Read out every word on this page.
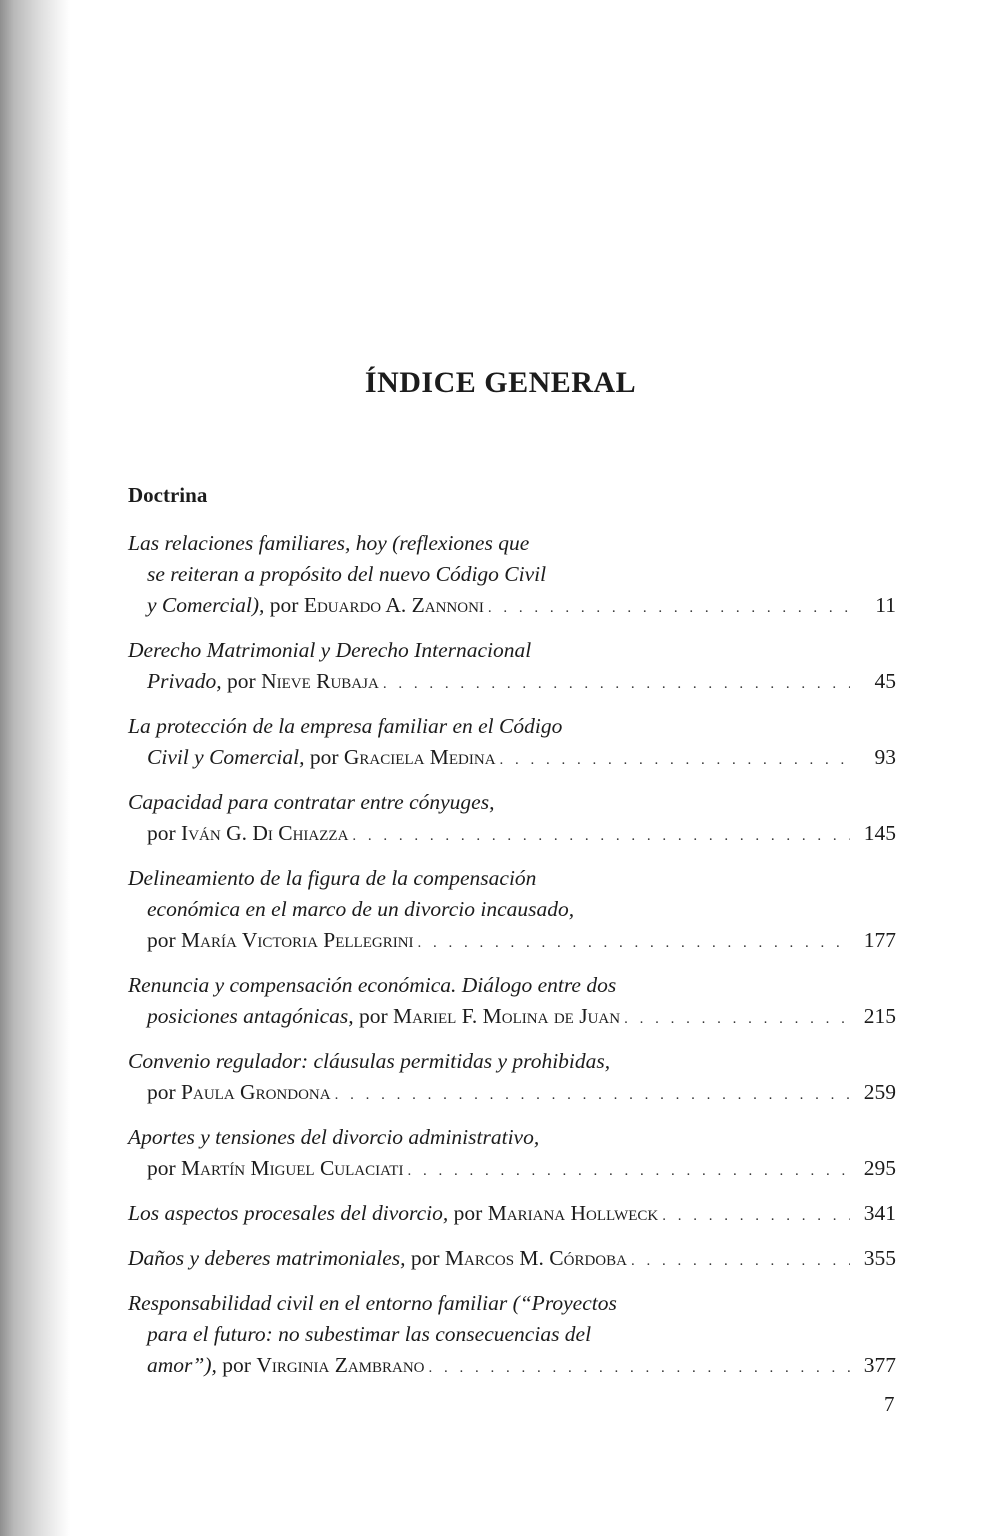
ÍNDICE GENERAL
Doctrina
Las relaciones familiares, hoy (reflexiones que
se reiteran a propósito del nuevo Código Civil
y Comercial), por Eduardo A. Zannoni . . .	11
Derecho Matrimonial y Derecho Internacional
Privado, por Nieve Rubaja . . .	45
La protección de la empresa familiar en el Código
Civil y Comercial, por Graciela Medina . . .	93
Capacidad para contratar entre cónyuges,
por Iván G. Di Chiazza . . .	145
Delineamiento de la figura de la compensación
económica en el marco de un divorcio incausado,
por María Victoria Pellegrini . . .	177
Renuncia y compensación económica. Diálogo entre dos
posiciones antagónicas, por Mariel F. Molina de Juan . . .	215
Convenio regulador: cláusulas permitidas y prohibidas,
por Paula Grondona . . .	259
Aportes y tensiones del divorcio administrativo,
por Martín Miguel Culaciati . . .	295
Los aspectos procesales del divorcio, por Mariana Hollweck . . .	341
Daños y deberes matrimoniales, por Marcos M. Córdoba . . .	355
Responsabilidad civil en el entorno familiar (“Proyectos
para el futuro: no subestimar las consecuencias del
amor”), por Virginia Zambrano . . .	377
7
